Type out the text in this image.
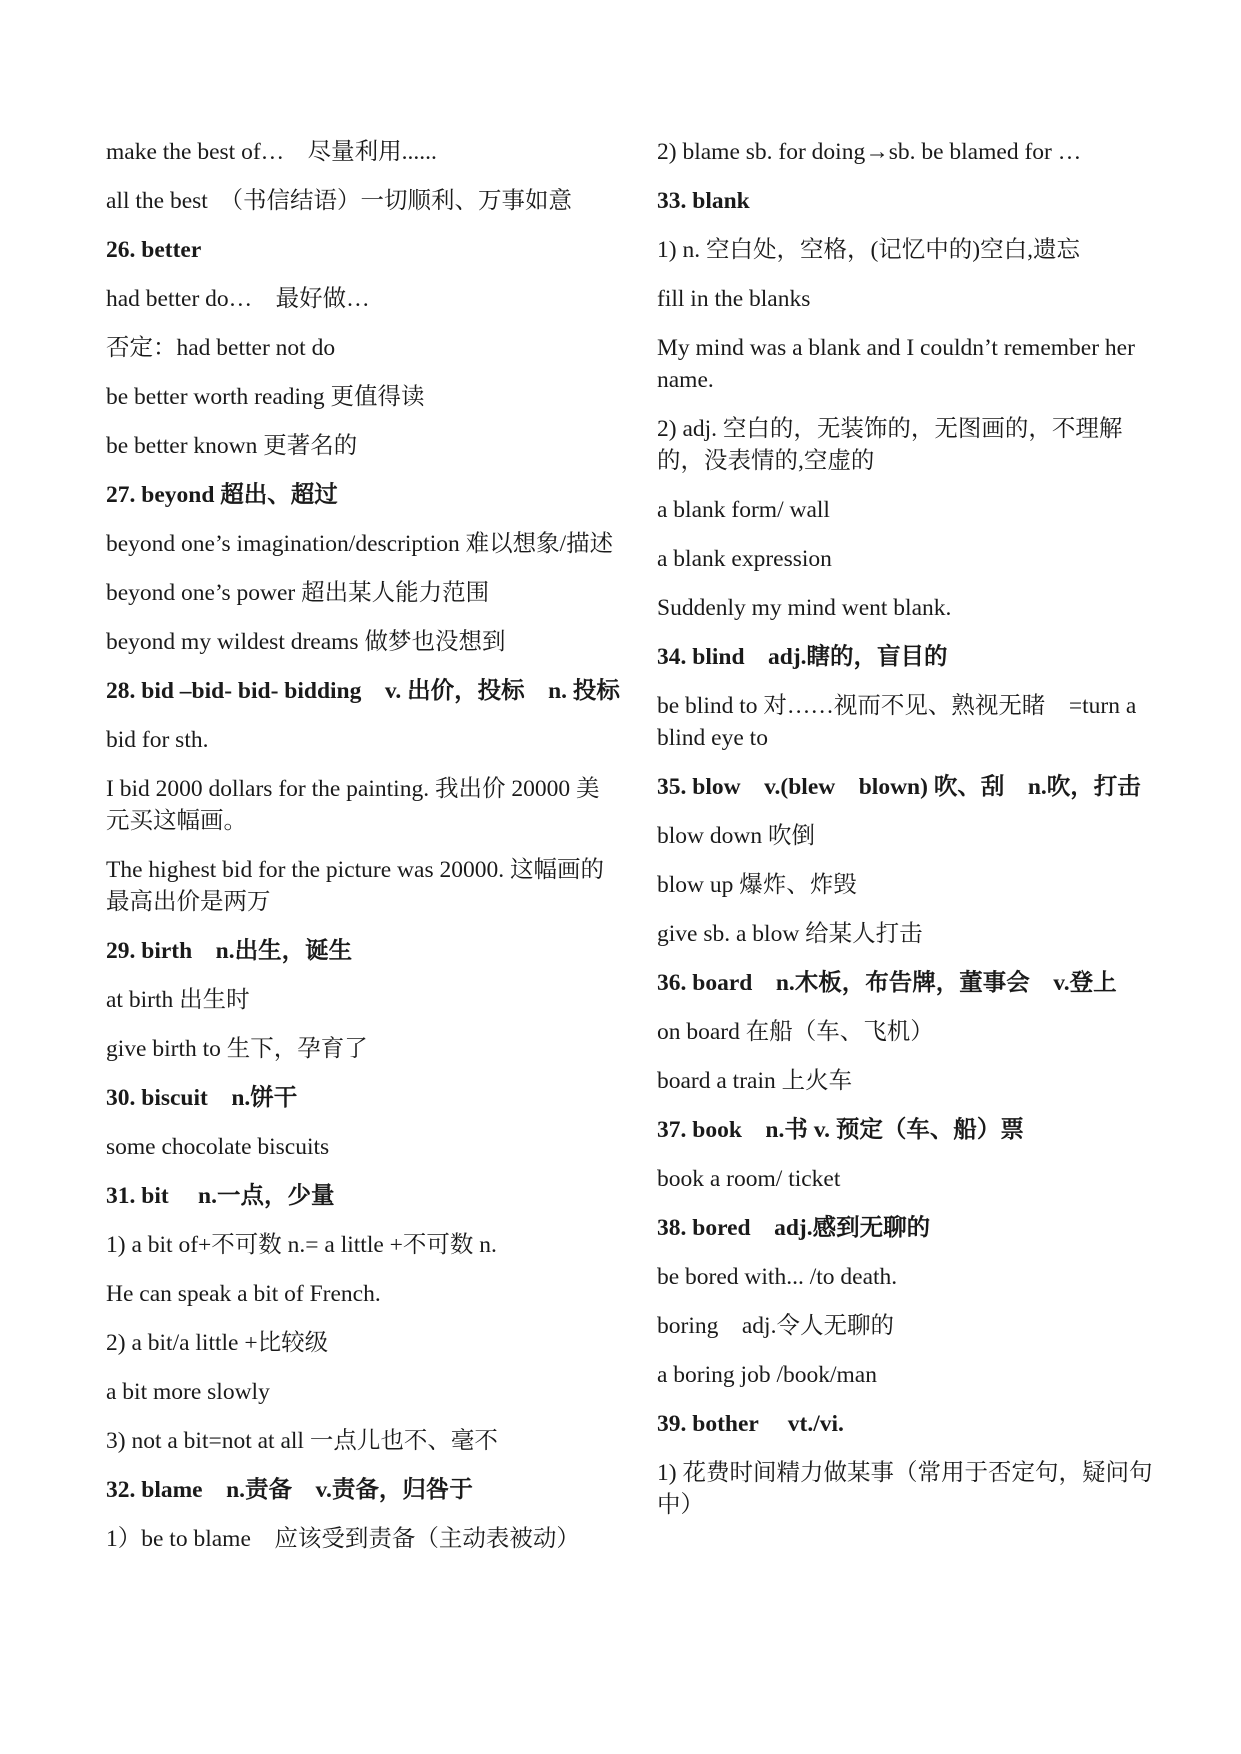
make the best of…　尽量利用......

all the best　（书信结语）一切顺利、万事如意

26. better

had better do…　最好做…

否定：had better not do

be better worth reading 更值得读

be better known 更著名的

27. beyond 超出、超过

beyond one’s imagination/description 难以想象/描述

beyond one’s power 超出某人能力范围

beyond my wildest dreams 做梦也没想到

28. bid –bid- bid- bidding　v. 出价，投标　n. 投标

bid for sth.

I bid 2000 dollars for the painting. 我出价 20000 美元买这幅画。

The highest bid for the picture was 20000. 这幅画的最高出价是两万

29. birth　n.出生，诞生

at birth 出生时

give birth to 生下，孕育了

30. biscuit　n.饼干

some chocolate biscuits

31. bit　 n.一点，少量

1) a bit of+不可数 n.= a little +不可数 n.

He can speak a bit of French.

2) a bit/a little +比较级

a bit more slowly

3) not a bit=not at all 一点儿也不、毫不

32. blame　n.责备　v.责备，归咎于

1）be to blame　应该受到责备（主动表被动）

2) blame sb. for doing→sb. be blamed for …

33. blank

1) n. 空白处，空格，(记忆中的)空白,遗忘

fill in the blanks

My mind was a blank and I couldn’t remember her name.

2) adj. 空白的，无装饰的，无图画的，不理解的，没表情的,空虚的

a blank form/ wall

a blank expression

Suddenly my mind went blank.

34. blind　adj.瞎的，盲目的

be blind to 对……视而不见、熟视无睹　=turn a blind eye to

35. blow　v.(blew　blown) 吹、刮　n.吹，打击

blow down 吹倒

blow up 爆炸、炸毁

give sb. a blow 给某人打击

36. board　n.木板，布告牌，董事会　v.登上

on board 在船（车、飞机）

board a train 上火车

37. book　n.书 v. 预定（车、船）票

book a room/ ticket

38. bored　adj.感到无聊的

be bored with... /to death.

boring　adj.令人无聊的

a boring job /book/man

39. bother　 vt./vi.

1) 花费时间精力做某事（常用于否定句，疑问句中）
